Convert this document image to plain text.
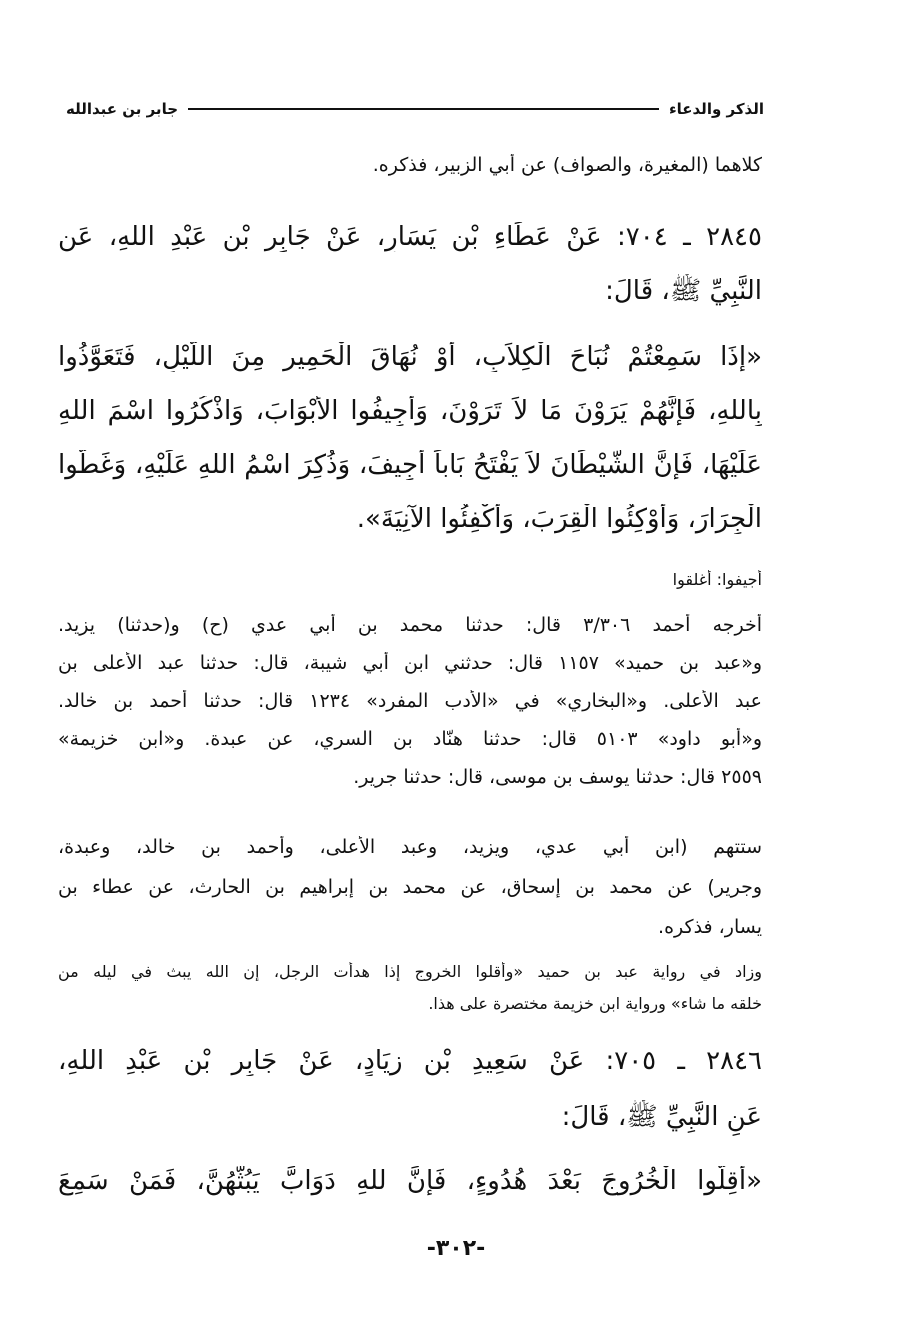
الذكر والدعاء
جابر بن عبدالله
كلاهما (المغيرة، والصواف) عن أبي الزبير، فذكره.
٢٨٤٥ ـ ٧٠٤: عَنْ عَطَاءِ بْنِ يَسَارٍ، عَنْ جَابِرِ بْنِ عَبْدِ اللهِ، عَنِ
النَّبِيِّ ﷺ، قَالَ:
«إِذَا سَمِعْتُمْ نُبَاحَ الْكِلاَبِ، أَوْ نُهَاقَ الْحَمِيرِ مِنَ اللَّيْلِ، فَتَعَوَّذُوا
بِاللهِ، فَإِنَّهُمْ يَرَوْنَ مَا لاَ تَرَوْنَ، وَأَجِيفُوا الأَبْوَابَ، وَاذْكُرُوا اسْمَ اللهِ
عَلَيْهَا، فَإِنَّ الشَّيْطَانَ لاَ يَفْتَحُ بَاباً أُجِيفَ، وَذُكِرَ اسْمُ اللهِ عَلَيْهِ، وَغَطُّوا
الْجِرَارَ، وَأَوْكِئُوا الْقِرَبَ، وَأَكْفِئُوا الآنِيَةَ».
أجيفوا: أغلقوا
أخرجه أحمد ٣/٣٠٦ قال: حدثنا محمد بن أبي عدي (ح) و(حدثنا) يزيد.
و«عبد بن حميد» ١١٥٧ قال: حدثني ابن أبي شيبة، قال: حدثنا عبد الأعلى بن
عبد الأعلى. و«البخاري» في «الأدب المفرد» ١٢٣٤ قال: حدثنا أحمد بن خالد.
و«أبو داود» ٥١٠٣ قال: حدثنا هنّاد بن السري، عن عبدة. و«ابن خزيمة»
٢٥٥٩ قال: حدثنا يوسف بن موسى، قال: حدثنا جرير.
ستتهم (ابن أبي عدي، ويزيد، وعبد الأعلى، وأحمد بن خالد، وعبدة،
وجرير) عن محمد بن إسحاق، عن محمد بن إبراهيم بن الحارث، عن عطاء بن
يسار، فذكره.
وزاد في رواية عبد بن حميد «وأقلوا الخروج إذا هدأت الرجل، إن الله يبث في ليله من
خلقه ما شاء» ورواية ابن خزيمة مختصرة على هذا.
٢٨٤٦ ـ ٧٠٥: عَنْ سَعِيدِ بْنِ زِيَادٍ، عَنْ جَابِرِ بْنِ عَبْدِ اللهِ،
عَنِ النَّبِيِّ ﷺ، قَالَ:
«أَقِلُّوا الْخُرُوجَ بَعْدَ هُدُوءٍ، فَإِنَّ للهِ دَوَابَّ يَبُثُّهُنَّ، فَمَنْ سَمِعَ
-٣٠٢-
